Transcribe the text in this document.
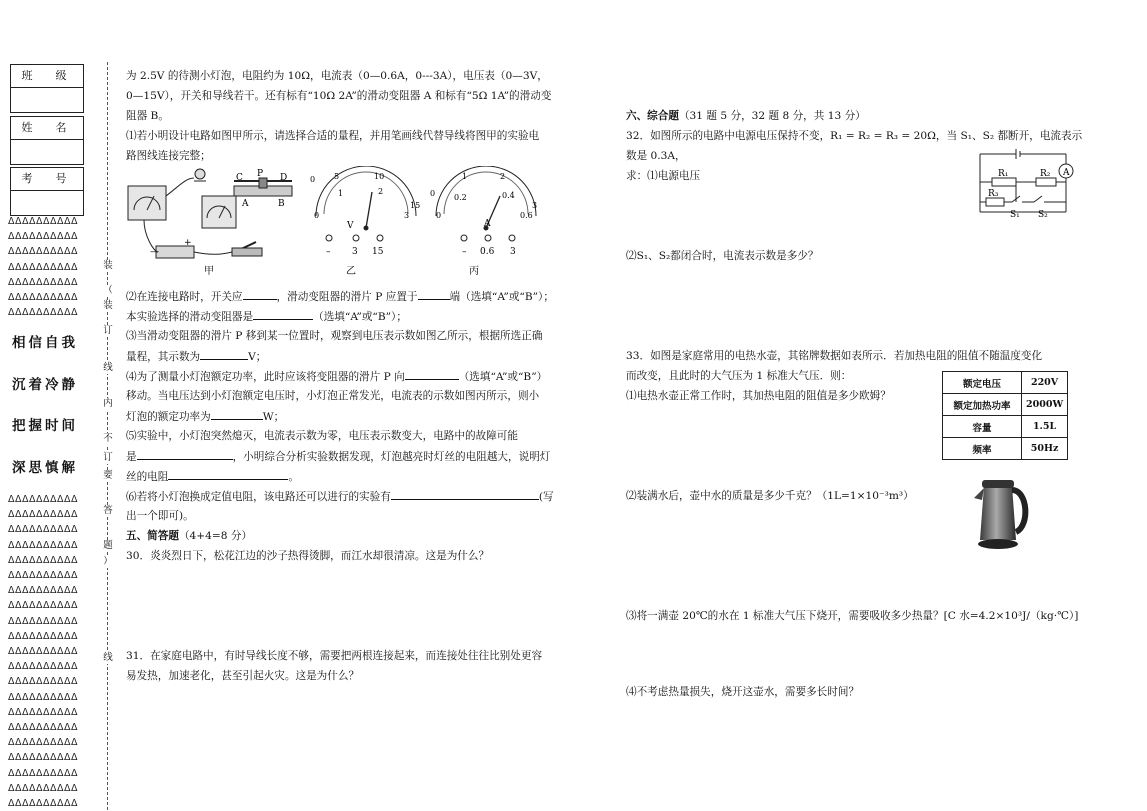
班　级
姓　名
考　号
ΔΔΔΔΔΔΔΔΔΔ
ΔΔΔΔΔΔΔΔΔΔ
ΔΔΔΔΔΔΔΔΔΔ
ΔΔΔΔΔΔΔΔΔΔ
ΔΔΔΔΔΔΔΔΔΔ
ΔΔΔΔΔΔΔΔΔΔ
ΔΔΔΔΔΔΔΔΔΔ
相信自我
沉着冷静
把握时间
深思慎解
ΔΔΔΔΔΔΔΔΔΔ
ΔΔΔΔΔΔΔΔΔΔ
ΔΔΔΔΔΔΔΔΔΔ
ΔΔΔΔΔΔΔΔΔΔ
ΔΔΔΔΔΔΔΔΔΔ
ΔΔΔΔΔΔΔΔΔΔ
ΔΔΔΔΔΔΔΔΔΔ
ΔΔΔΔΔΔΔΔΔΔ
ΔΔΔΔΔΔΔΔΔΔ
ΔΔΔΔΔΔΔΔΔΔ
ΔΔΔΔΔΔΔΔΔΔ
ΔΔΔΔΔΔΔΔΔΔ
ΔΔΔΔΔΔΔΔΔΔ
ΔΔΔΔΔΔΔΔΔΔ
ΔΔΔΔΔΔΔΔΔΔ
ΔΔΔΔΔΔΔΔΔΔ
ΔΔΔΔΔΔΔΔΔΔ
ΔΔΔΔΔΔΔΔΔΔ
ΔΔΔΔΔΔΔΔΔΔ
ΔΔΔΔΔΔΔΔΔΔ
ΔΔΔΔΔΔΔΔΔΔ
装
（
装
订
线
内
不
订
要
答
题
）
线
为 2.5V 的待测小灯泡，电阻约为 10Ω，电流表（0—0.6A，0---3A），电压表（0—3V，
0—15V），开关和导线若干。还有标有“10Ω 2A”的滑动变阻器 A 和标有“5Ω 1A”的滑动变
阻器 B。
⑴若小明设计电路如图甲所示，请选择合适的量程，并用笔画线代替导线将图甲的实验电
路图线连接完整；
C P D
A	B
—
+
甲
0 5	10
15
0
1	2
3
V
– 3 15
乙
0
1	2
3
0
0.2	0.4
0.6
A
– 0.6 3
丙
⑵在连接电路时，开关应	，滑动变阻器的滑片 P 应置于	端（选填“A”或“B”）；
本实验选择的滑动变阻器是	（选填“A”或“B”）；
⑶当滑动变阻器的滑片 P 移到某一位置时，观察到电压表示数如图乙所示，根据所选正确
量程，其示数为	V；
⑷为了测量小灯泡额定功率，此时应该将变阻器的滑片 P 向	（选填“A”或“B”）
移动。当电压达到小灯泡额定电压时，小灯泡正常发光，电流表的示数如图丙所示，则小
灯泡的额定功率为	W；
⑸实验中，小灯泡突然熄灭，电流表示数为零，电压表示数变大，电路中的故障可能
是	，小明综合分析实验数据发现，灯泡越亮时灯丝的电阻越大，说明灯
丝的电阻	。
⑹若将小灯泡换成定值电阻，该电路还可以进行的实验有	(写
出一个即可)。
五、简答题（4+4=8 分）
30．炎炎烈日下，松花江边的沙子热得烫脚，而江水却很清凉。这是为什么？
31．在家庭电路中，有时导线长度不够，需要把两根连接起来，而连接处往往比别处更容
易发热，加速老化，甚至引起火灾。这是为什么？
六、综合题（31 题 5 分，32 题 8 分，共 13 分）
32．如图所示的电路中电源电压保持不变，R₁ = R₂ = R₃ = 20Ω，当 S₁、S₂ 都断开，电流表示
数是 0.3A，
求：⑴电源电压	A
R₁	R₂
R₃
S₁ S₂
⑵S₁、S₂都闭合时，电流表示数是多少？
33．如图是家庭常用的电热水壶，其铭牌数据如表所示．若加热电阻的阻值不随温度变化
而改变，且此时的大气压为 1 标准大气压．则：
⑴电热水壶正常工作时，其加热电阻的阻值是多少欧姆？
额定电压	220V
额定加热功率	2000W
容量	1.5L
频率	50Hz
⑵装满水后，壶中水的质量是多少千克？（1L=1×10⁻³m³）
⑶将一满壶 20℃的水在 1 标准大气压下烧开，需要吸收多少热量？[C 水=4.2×10³J/（kg·℃）]
⑷不考虑热量损失，烧开这壶水，需要多长时间？
